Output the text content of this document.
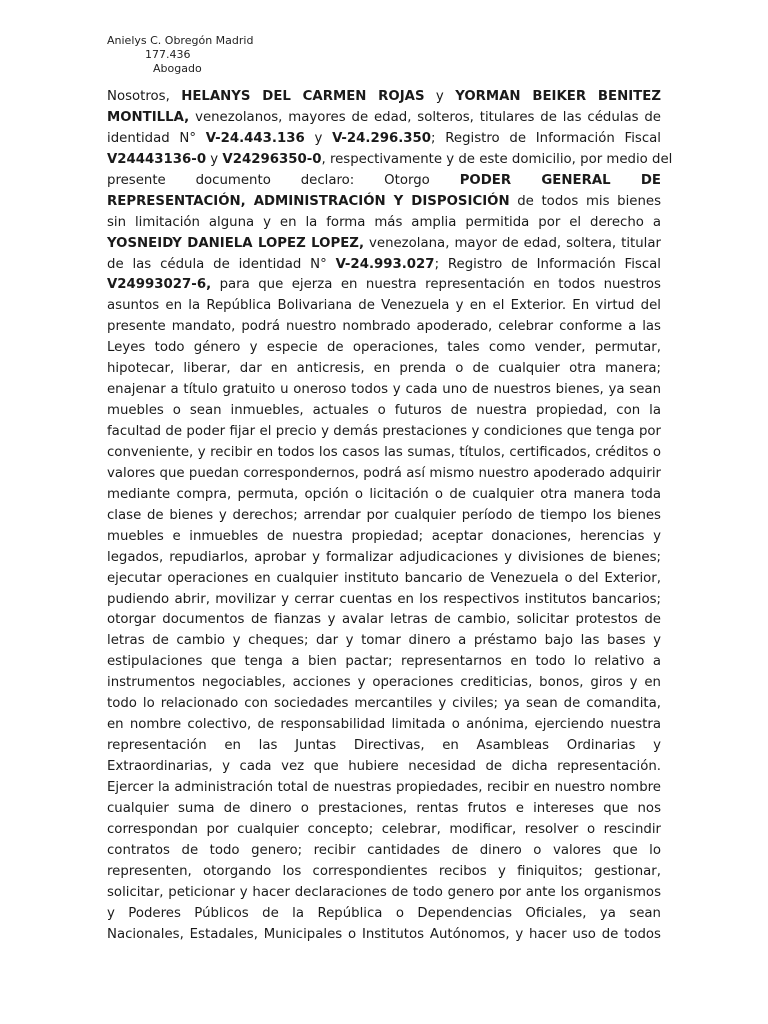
Anielys C. Obregón Madrid
177.436
Abogado
Nosotros, HELANYS DEL CARMEN ROJAS y YORMAN BEIKER BENITEZ
MONTILLA, venezolanos, mayores de edad, solteros, titulares de las cédulas de
identidad N° V-24.443.136 y V-24.296.350; Registro de Información Fiscal
V24443136-0 y V24296350-0, respectivamente y de este domicilio, por medio del
presente documento declaro: Otorgo PODER GENERAL DE
REPRESENTACIÓN, ADMINISTRACIÓN Y DISPOSICIÓN de todos mis bienes
sin limitación alguna y en la forma más amplia permitida por el derecho a
YOSNEIDY DANIELA LOPEZ LOPEZ, venezolana, mayor de edad, soltera, titular
de las cédula de identidad N° V-24.993.027; Registro de Información Fiscal
V24993027-6, para que ejerza en nuestra representación en todos nuestros
asuntos en la República Bolivariana de Venezuela y en el Exterior. En virtud del
presente mandato, podrá nuestro nombrado apoderado, celebrar conforme a las
Leyes todo género y especie de operaciones, tales como vender, permutar,
hipotecar, liberar, dar en anticresis, en prenda o de cualquier otra manera;
enajenar a título gratuito u oneroso todos y cada uno de nuestros bienes, ya sean
muebles o sean inmuebles, actuales o futuros de nuestra propiedad, con la
facultad de poder fijar el precio y demás prestaciones y condiciones que tenga por
conveniente, y recibir en todos los casos las sumas, títulos, certificados, créditos o
valores que puedan correspondernos, podrá así mismo nuestro apoderado adquirir
mediante compra, permuta, opción o licitación o de cualquier otra manera toda
clase de bienes y derechos; arrendar por cualquier período de tiempo los bienes
muebles e inmuebles de nuestra propiedad; aceptar donaciones, herencias y
legados, repudiarlos, aprobar y formalizar adjudicaciones y divisiones de bienes;
ejecutar operaciones en cualquier instituto bancario de Venezuela o del Exterior,
pudiendo abrir, movilizar y cerrar cuentas en los respectivos institutos bancarios;
otorgar documentos de fianzas y avalar letras de cambio, solicitar protestos de
letras de cambio y cheques; dar y tomar dinero a préstamo bajo las bases y
estipulaciones que tenga a bien pactar; representarnos en todo lo relativo a
instrumentos negociables, acciones y operaciones crediticias, bonos, giros y en
todo lo relacionado con sociedades mercantiles y civiles; ya sean de comandita,
en nombre colectivo, de responsabilidad limitada o anónima, ejerciendo nuestra
representación en las Juntas Directivas, en Asambleas Ordinarias y
Extraordinarias, y cada vez que hubiere necesidad de dicha representación.
Ejercer la administración total de nuestras propiedades, recibir en nuestro nombre
cualquier suma de dinero o prestaciones, rentas frutos e intereses que nos
correspondan por cualquier concepto; celebrar, modificar, resolver o rescindir
contratos de todo genero; recibir cantidades de dinero o valores que lo
representen, otorgando los correspondientes recibos y finiquitos; gestionar,
solicitar, peticionar y hacer declaraciones de todo genero por ante los organismos
y Poderes Públicos de la República o Dependencias Oficiales, ya sean
Nacionales, Estadales, Municipales o Institutos Autónomos, y hacer uso de todos
